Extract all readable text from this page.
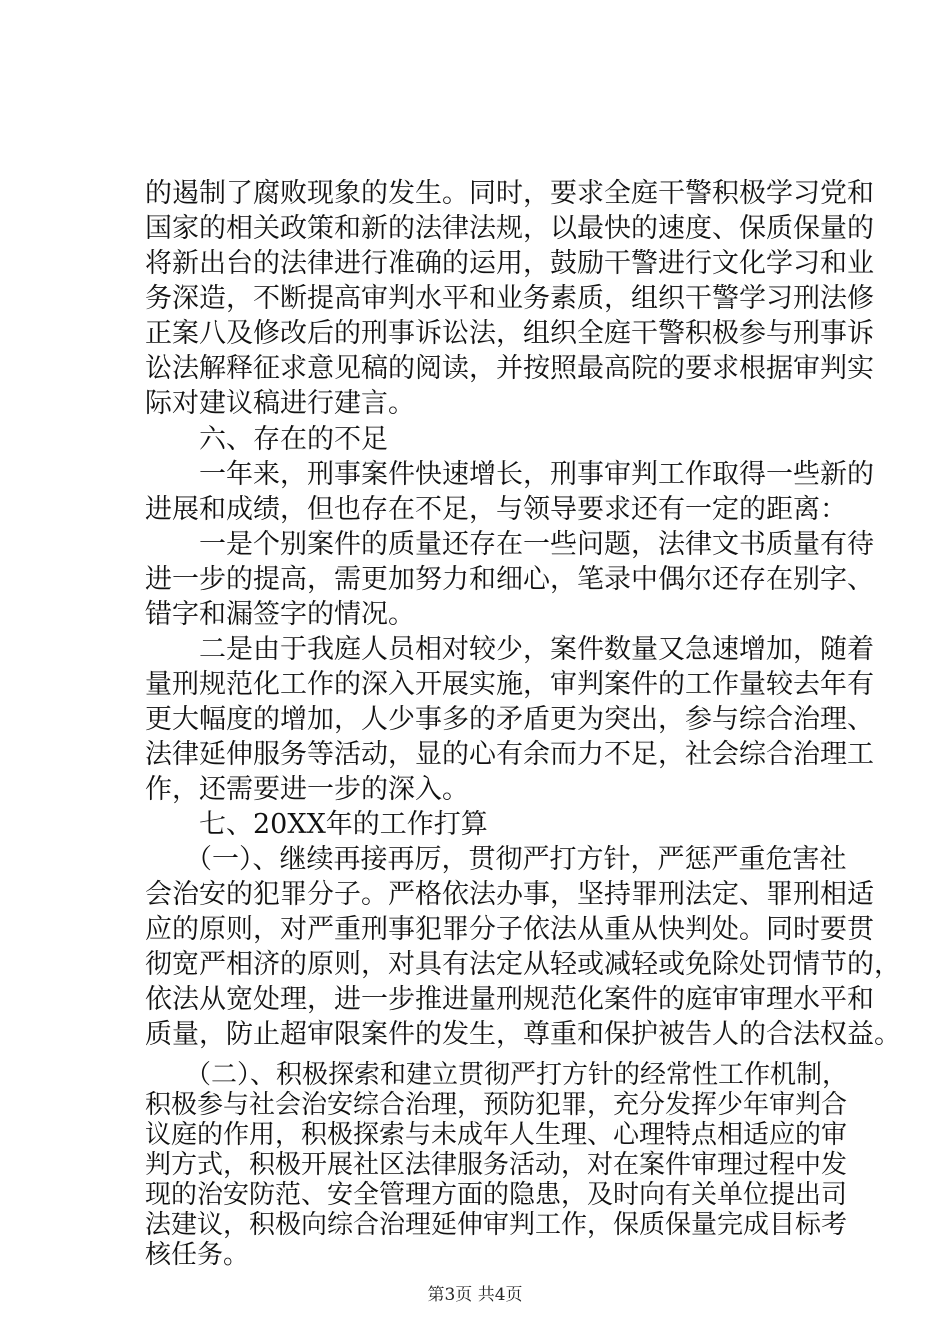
的遏制了腐败现象的发生。同时，要求全庭干警积极学习党和
国家的相关政策和新的法律法规，以最快的速度、保质保量的
将新出台的法律进行准确的运用，鼓励干警进行文化学习和业
务深造，不断提高审判水平和业务素质，组织干警学习刑法修
正案八及修改后的刑事诉讼法，组织全庭干警积极参与刑事诉
讼法解释征求意见稿的阅读，并按照最高院的要求根据审判实
际对建议稿进行建言。
六、存在的不足
一年来，刑事案件快速增长，刑事审判工作取得一些新的
进展和成绩，但也存在不足，与领导要求还有一定的距离：
一是个别案件的质量还存在一些问题，法律文书质量有待
进一步的提高，需更加努力和细心，笔录中偶尔还存在别字、
错字和漏签字的情况。
二是由于我庭人员相对较少，案件数量又急速增加，随着
量刑规范化工作的深入开展实施，审判案件的工作量较去年有
更大幅度的增加，人少事多的矛盾更为突出，参与综合治理、
法律延伸服务等活动，显的心有余而力不足，社会综合治理工
作，还需要进一步的深入。
七、20XX年的工作打算
（一）、继续再接再厉，贯彻严打方针，严惩严重危害社
会治安的犯罪分子。严格依法办事，坚持罪刑法定、罪刑相适
应的原则，对严重刑事犯罪分子依法从重从快判处。同时要贯
彻宽严相济的原则，对具有法定从轻或减轻或免除处罚情节的，
依法从宽处理，进一步推进量刑规范化案件的庭审审理水平和
质量，防止超审限案件的发生，尊重和保护被告人的合法权益。
（二）、积极探索和建立贯彻严打方针的经常性工作机制，
积极参与社会治安综合治理，预防犯罪，充分发挥少年审判合
议庭的作用，积极探索与未成年人生理、心理特点相适应的审
判方式，积极开展社区法律服务活动，对在案件审理过程中发
第3页 共4页
现的治安防范、安全管理方面的隐患，及时向有关单位提出司
法建议，积极向综合治理延伸审判工作，保质保量完成目标考
核任务。
